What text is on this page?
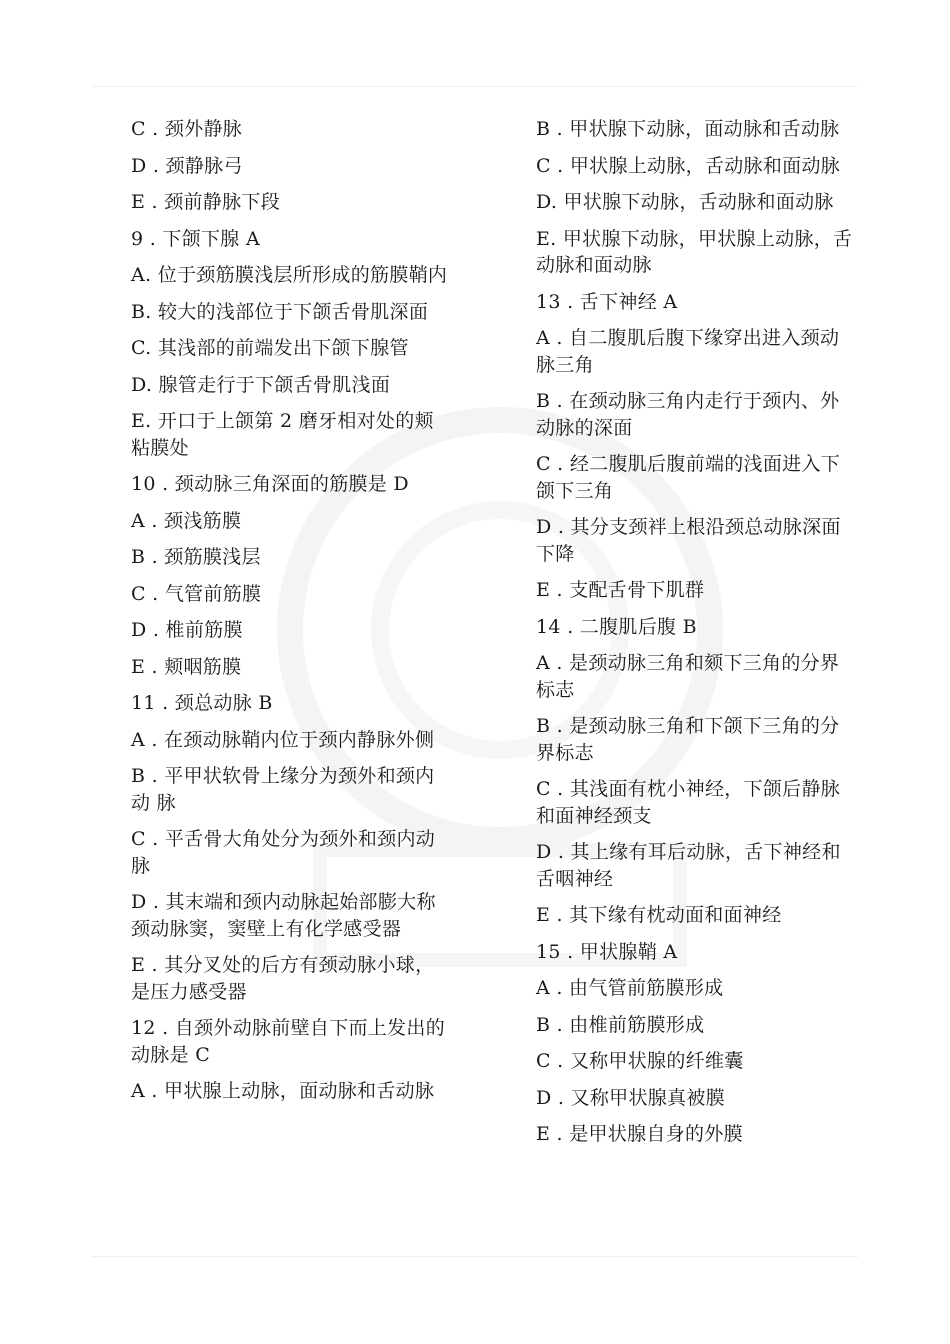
C . 颈外静脉

D . 颈静脉弓

E . 颈前静脉下段

9 . 下颌下腺 A

A. 位于颈筋膜浅层所形成的筋膜鞘内

B. 较大的浅部位于下颌舌骨肌深面

C. 其浅部的前端发出下颌下腺管

D. 腺管走行于下颌舌骨肌浅面

E. 开口于上颌第 2 磨牙相对处的颊粘膜处

10 . 颈动脉三角深面的筋膜是 D

A . 颈浅筋膜

B . 颈筋膜浅层

C . 气管前筋膜

D . 椎前筋膜

E . 颊咽筋膜

11 . 颈总动脉 B

A . 在颈动脉鞘内位于颈内静脉外侧

B . 平甲状软骨上缘分为颈外和颈内动 脉

C . 平舌骨大角处分为颈外和颈内动脉

D . 其末端和颈内动脉起始部膨大称颈动脉窦，窦壁上有化学感受器

E . 其分叉处的后方有颈动脉小球，是压力感受器

12 . 自颈外动脉前壁自下而上发出的动脉是 C

A . 甲状腺上动脉，面动脉和舌动脉

B . 甲状腺下动脉，面动脉和舌动脉

C . 甲状腺上动脉，舌动脉和面动脉

D. 甲状腺下动脉，舌动脉和面动脉

E. 甲状腺下动脉，甲状腺上动脉，舌动脉和面动脉

13 . 舌下神经 A

A . 自二腹肌后腹下缘穿出进入颈动脉三角

B . 在颈动脉三角内走行于颈内、外动脉的深面

C . 经二腹肌后腹前端的浅面进入下颌下三角

D . 其分支颈袢上根沿颈总动脉深面下降

E . 支配舌骨下肌群

14 . 二腹肌后腹 B

A . 是颈动脉三角和颏下三角的分界标志

B . 是颈动脉三角和下颌下三角的分界标志

C . 其浅面有枕小神经，下颌后静脉和面神经颈支

D . 其上缘有耳后动脉，舌下神经和舌咽神经

E . 其下缘有枕动面和面神经

15 . 甲状腺鞘 A

A . 由气管前筋膜形成

B . 由椎前筋膜形成

C . 又称甲状腺的纤维囊

D . 又称甲状腺真被膜

E . 是甲状腺自身的外膜
